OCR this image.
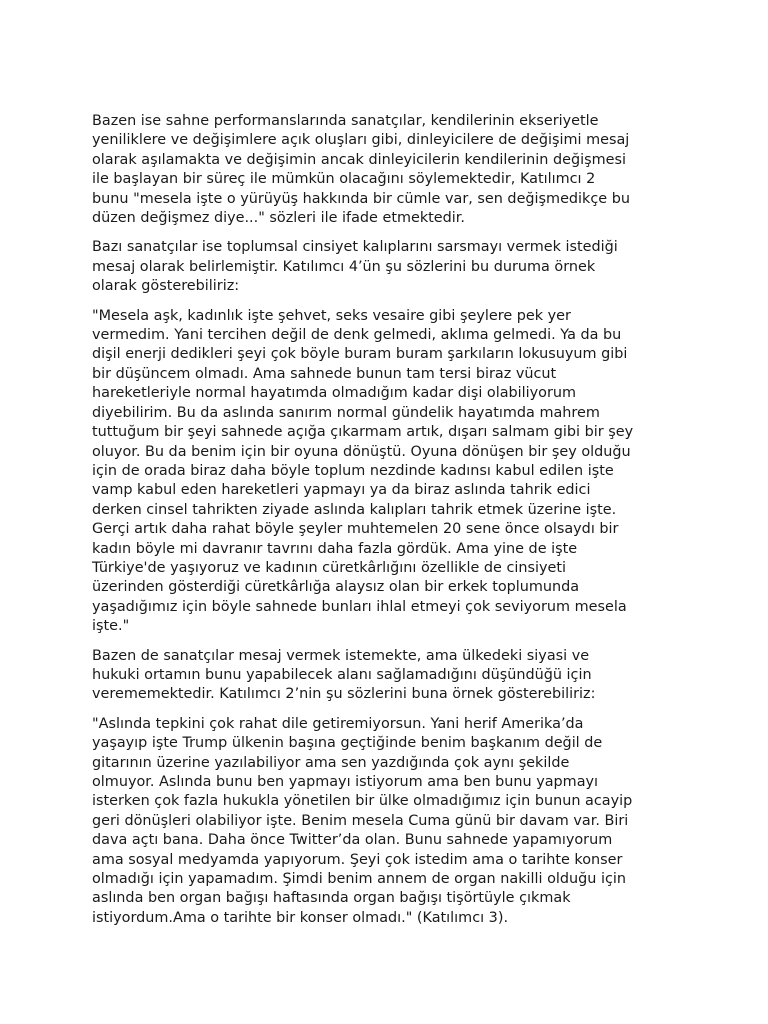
Bazen ise sahne performanslarında sanatçılar, kendilerinin ekseriyetle
yeniliklere ve değişimlere açık oluşları gibi, dinleyicilere de değişimi mesaj
olarak aşılamakta ve değişimin ancak dinleyicilerin kendilerinin değişmesi
ile başlayan bir süreç ile mümkün olacağını söylemektedir, Katılımcı 2
bunu "mesela işte o yürüyüş hakkında bir cümle var, sen değişmedikçe bu
düzen değişmez diye..." sözleri ile ifade etmektedir.

Bazı sanatçılar ise toplumsal cinsiyet kalıplarını sarsmayı vermek istediği
mesaj olarak belirlemiştir. Katılımcı 4’ün şu sözlerini bu duruma örnek
olarak gösterebiliriz:

"Mesela aşk, kadınlık işte şehvet, seks vesaire gibi şeylere pek yer
vermedim. Yani tercihen değil de denk gelmedi, aklıma gelmedi. Ya da bu
dişil enerji dedikleri şeyi çok böyle buram buram şarkıların lokusuyum gibi
bir düşüncem olmadı. Ama sahnede bunun tam tersi biraz vücut
hareketleriyle normal hayatımda olmadığım kadar dişi olabiliyorum
diyebilirim. Bu da aslında sanırım normal gündelik hayatımda mahrem
tuttuğum bir şeyi sahnede açığa çıkarmam artık, dışarı salmam gibi bir şey
oluyor. Bu da benim için bir oyuna dönüştü. Oyuna dönüşen bir şey olduğu
için de orada biraz daha böyle toplum nezdinde kadınsı kabul edilen işte
vamp kabul eden hareketleri yapmayı ya da biraz aslında tahrik edici
derken cinsel tahrikten ziyade aslında kalıpları tahrik etmek üzerine işte.
Gerçi artık daha rahat böyle şeyler muhtemelen 20 sene önce olsaydı bir
kadın böyle mi davranır tavrını daha fazla gördük. Ama yine de işte
Türkiye'de yaşıyoruz ve kadının cüretkârlığını özellikle de cinsiyeti
üzerinden gösterdiği cüretkârlığa alaysız olan bir erkek toplumunda
yaşadığımız için böyle sahnede bunları ihlal etmeyi çok seviyorum mesela
işte."

Bazen de sanatçılar mesaj vermek istemekte, ama ülkedeki siyasi ve
hukuki ortamın bunu yapabilecek alanı sağlamadığını düşündüğü için
verememektedir. Katılımcı 2’nin şu sözlerini buna örnek gösterebiliriz:

"Aslında tepkini çok rahat dile getiremiyorsun. Yani herif Amerika’da
yaşayıp işte Trump ülkenin başına geçtiğinde benim başkanım değil de
gitarının üzerine yazılabiliyor ama sen yazdığında çok aynı şekilde
olmuyor. Aslında bunu ben yapmayı istiyorum ama ben bunu yapmayı
isterken çok fazla hukukla yönetilen bir ülke olmadığımız için bunun acayip
geri dönüşleri olabiliyor işte. Benim mesela Cuma günü bir davam var. Biri
dava açtı bana. Daha önce Twitter’da olan. Bunu sahnede yapamıyorum
ama sosyal medyamda yapıyorum. Şeyi çok istedim ama o tarihte konser
olmadığı için yapamadım. Şimdi benim annem de organ nakilli olduğu için
aslında ben organ bağışı haftasında organ bağışı tişörtüyle çıkmak
istiyordum.Ama o tarihte bir konser olmadı." (Katılımcı 3).
